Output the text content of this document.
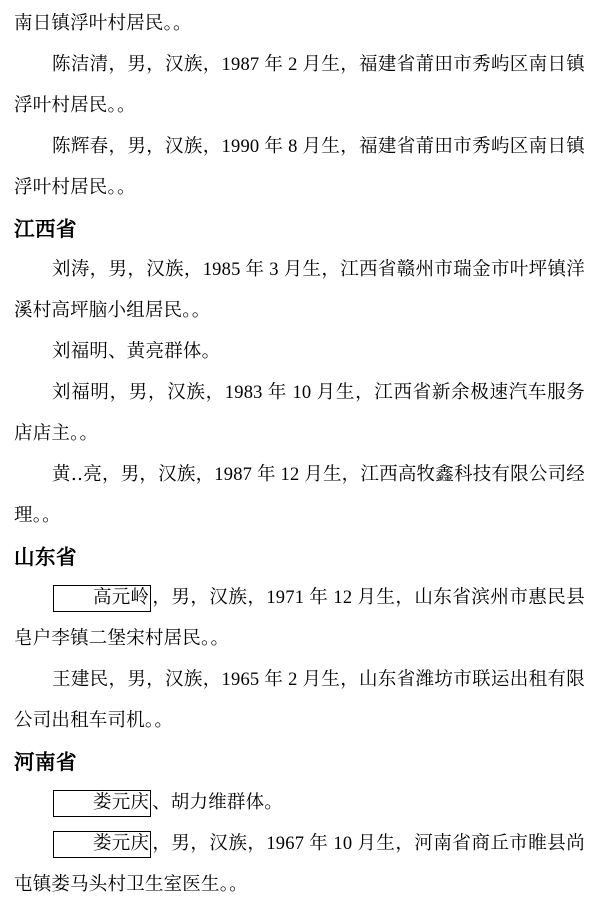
南日镇浮叶村居民。。

陈洁清，男，汉族，1987 年 2 月生，福建省莆田市秀屿区南日镇浮叶村居民。。

陈辉春，男，汉族，1990 年 8 月生，福建省莆田市秀屿区南日镇浮叶村居民。。

江西省

刘涛，男，汉族，1985 年 3 月生，江西省赣州市瑞金市叶坪镇洋溪村高坪脑小组居民。。

刘福明、黄亮群体。

刘福明，男，汉族，1983 年 10 月生，江西省新余极速汽车服务店店主。。

黄‥亮，男，汉族，1987 年 12 月生，江西高牧鑫科技有限公司经理。。

山东省

高元岭 ，男，汉族，1971 年 12 月生，山东省滨州市惠民县皂户李镇二堡宋村居民。。

王建民，男，汉族，1965 年 2 月生，山东省潍坊市联运出租有限公司出租车司机。。

河南省

娄元庆 、胡力维群体。

娄元庆 ，男，汉族，1967 年 10 月生，河南省商丘市睢县尚屯镇娄马头村卫生室医生。。
